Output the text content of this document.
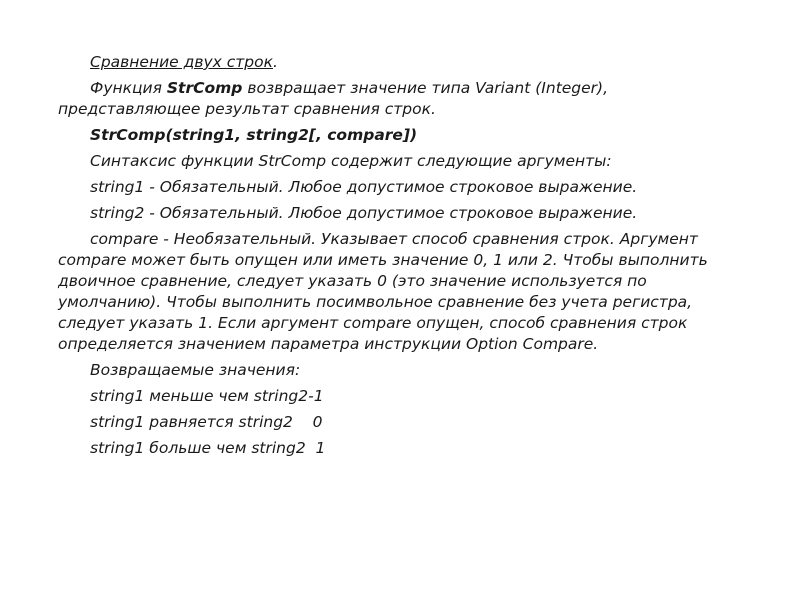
Сравнение двух строк.

Функция StrComp возвращает значение типа Variant (Integer), представляющее результат сравнения строк.

StrComp(string1, string2[, compare])

Синтаксис функции StrComp содержит следующие аргументы:

string1 - Обязательный. Любое допустимое строковое выражение.

string2 - Обязательный. Любое допустимое строковое выражение.

compare - Необязательный. Указывает способ сравнения строк. Аргумент compare может быть опущен или иметь значение 0, 1 или 2. Чтобы выполнить двоичное сравнение, следует указать 0 (это значение используется по умолчанию). Чтобы выполнить посимвольное сравнение без учета регистра, следует указать 1. Если аргумент compare опущен, способ сравнения строк определяется значением параметра инструкции Option Compare.

Возвращаемые значения:

string1 меньше чем string2-1
string1 равняется string2    0
string1 больше чем string2  1
